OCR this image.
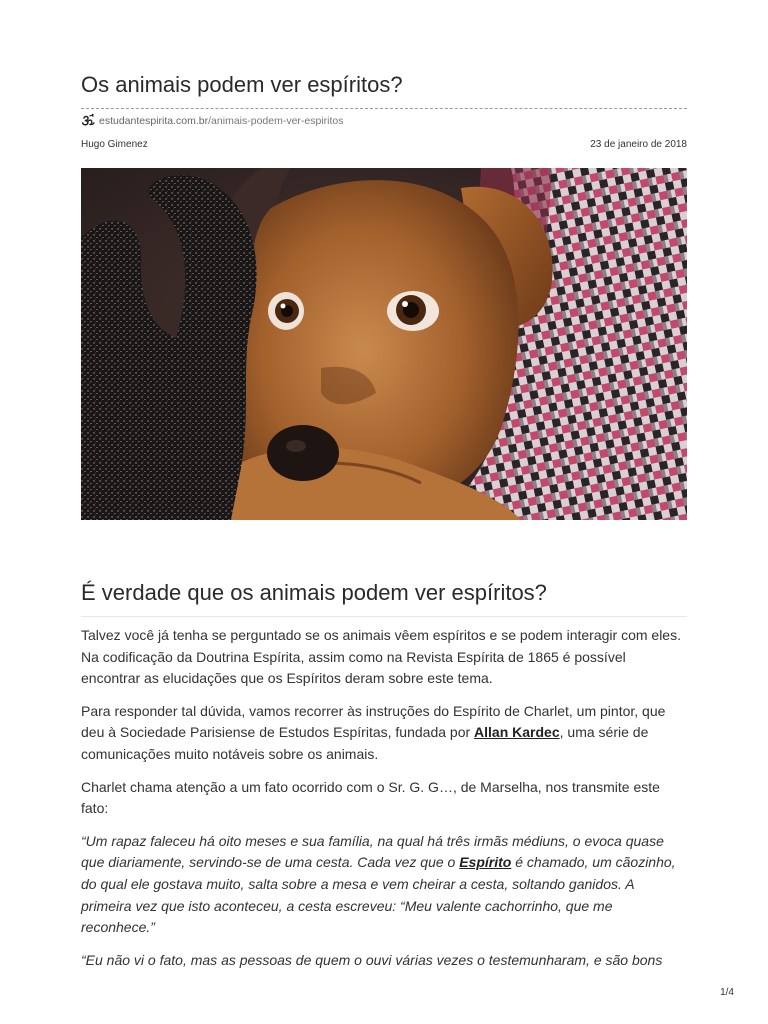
Os animais podem ver espíritos?
estudantespirita.com.br /animais-podem-ver-espiritos
Hugo Gimenez	23 de janeiro de 2018
É verdade que os animais podem ver espíritos?

Talvez você já tenha se perguntado se os animais vêem espíritos e se podem interagir com eles. Na codificação da Doutrina Espírita, assim como na Revista Espírita de 1865 é possível encontrar as elucidações que os Espíritos deram sobre este tema.

Para responder tal dúvida, vamos recorrer às instruções do Espírito de Charlet, um pintor, que deu à Sociedade Parisiense de Estudos Espíritas, fundada por Allan Kardec, uma série de comunicações muito notáveis sobre os animais.

Charlet chama atenção a um fato ocorrido com o Sr. G. G…, de Marselha, nos transmite este fato:

“Um rapaz faleceu há oito meses e sua família, na qual há três irmãs médiuns, o evoca quase que diariamente, servindo-se de uma cesta. Cada vez que o Espírito é chamado, um cãozinho, do qual ele gostava muito, salta sobre a mesa e vem cheirar a cesta, soltando ganidos. A primeira vez que isto aconteceu, a cesta escreveu: “Meu valente cachorrinho, que me reconhece.”

“Eu não vi o fato, mas as pessoas de quem o ouvi várias vezes o testemunharam, e são bons

1/4
